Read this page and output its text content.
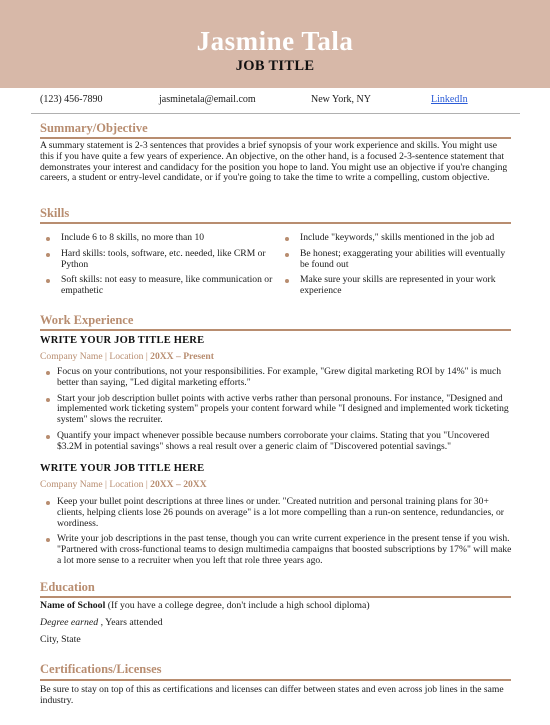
Jasmine Tala
JOB TITLE
(123) 456-7890	jasminetala@email.com	New York, NY	LinkedIn
Summary/Objective
A summary statement is 2-3 sentences that provides a brief synopsis of your work experience and skills. You might use this if you have quite a few years of experience. An objective, on the other hand, is a focused 2-3-sentence statement that demonstrates your interest and candidacy for the position you hope to land. You might use an objective if you're changing careers, a student or entry-level candidate, or if you're going to take the time to write a compelling, custom objective.
Skills
Include 6 to 8 skills, no more than 10
Hard skills: tools, software, etc. needed, like CRM or Python
Soft skills: not easy to measure, like communication or empathetic
Include "keywords," skills mentioned in the job ad
Be honest; exaggerating your abilities will eventually be found out
Make sure your skills are represented in your work experience
Work Experience
WRITE YOUR JOB TITLE HERE
Company Name | Location | 20XX – Present
Focus on your contributions, not your responsibilities. For example, "Grew digital marketing ROI by 14%" is much better than saying, "Led digital marketing efforts."
Start your job description bullet points with active verbs rather than personal pronouns. For instance, "Designed and implemented work ticketing system" propels your content forward while "I designed and implemented work ticketing system" slows the recruiter.
Quantify your impact whenever possible because numbers corroborate your claims. Stating that you "Uncovered $3.2M in potential savings" shows a real result over a generic claim of "Discovered potential savings."
WRITE YOUR JOB TITLE HERE
Company Name | Location | 20XX – 20XX
Keep your bullet point descriptions at three lines or under. "Created nutrition and personal training plans for 30+ clients, helping clients lose 26 pounds on average" is a lot more compelling than a run-on sentence, redundancies, or wordiness.
Write your job descriptions in the past tense, though you can write current experience in the present tense if you wish. "Partnered with cross-functional teams to design multimedia campaigns that boosted subscriptions by 17%" will make a lot more sense to a recruiter when you left that role three years ago.
Education
Name of School (If you have a college degree, don't include a high school diploma)
Degree earned , Years attended
City, State
Certifications/Licenses
Be sure to stay on top of this as certifications and licenses can differ between states and even across job lines in the same industry.
